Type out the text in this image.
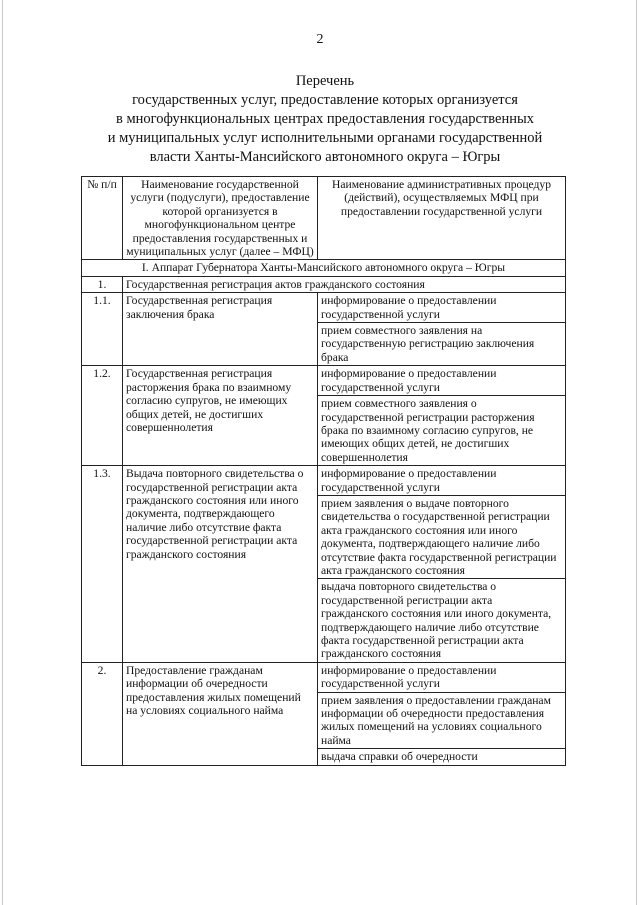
2
Перечень
государственных услуг, предоставление которых организуется
в многофункциональных центрах предоставления государственных
и муниципальных услуг исполнительными органами государственной
власти Ханты-Мансийского автономного округа – Югры
№ п/п	Наименование государственной услуги (подуслуги), предоставление которой организуется в многофункциональном центре предоставления государственных и муниципальных услуг (далее – МФЦ)	Наименование административных процедур (действий), осуществляемых МФЦ при предоставлении государственной услуги
I. Аппарат Губернатора Ханты-Мансийского автономного округа – Югры		
1.	Государственная регистрация актов гражданского состояния	
1.1.	Государственная регистрация заключения брака	информирование о предоставлении государственной услуги
		прием совместного заявления на государственную регистрацию заключения брака
1.2.	Государственная регистрация расторжения брака по взаимному согласию супругов, не имеющих общих детей, не достигших совершеннолетия	информирование о предоставлении государственной услуги
		прием совместного заявления о государственной регистрации расторжения брака по взаимному согласию супругов, не имеющих общих детей, не достигших совершеннолетия
1.3.	Выдача повторного свидетельства о государственной регистрации акта гражданского состояния или иного документа, подтверждающего наличие либо отсутствие факта государственной регистрации акта гражданского состояния	информирование о предоставлении государственной услуги
		прием заявления о выдаче повторного свидетельства о государственной регистрации акта гражданского состояния или иного документа, подтверждающего наличие либо отсутствие факта государственной регистрации акта гражданского состояния
		выдача повторного свидетельства о государственной регистрации акта гражданского состояния или иного документа, подтверждающего наличие либо отсутствие факта государственной регистрации акта гражданского состояния
2.	Предоставление гражданам информации об очередности предоставления жилых помещений на условиях социального найма	информирование о предоставлении государственной услуги
		прием заявления о предоставлении гражданам информации об очередности предоставления жилых помещений на условиях социального найма
		выдача справки об очередности
